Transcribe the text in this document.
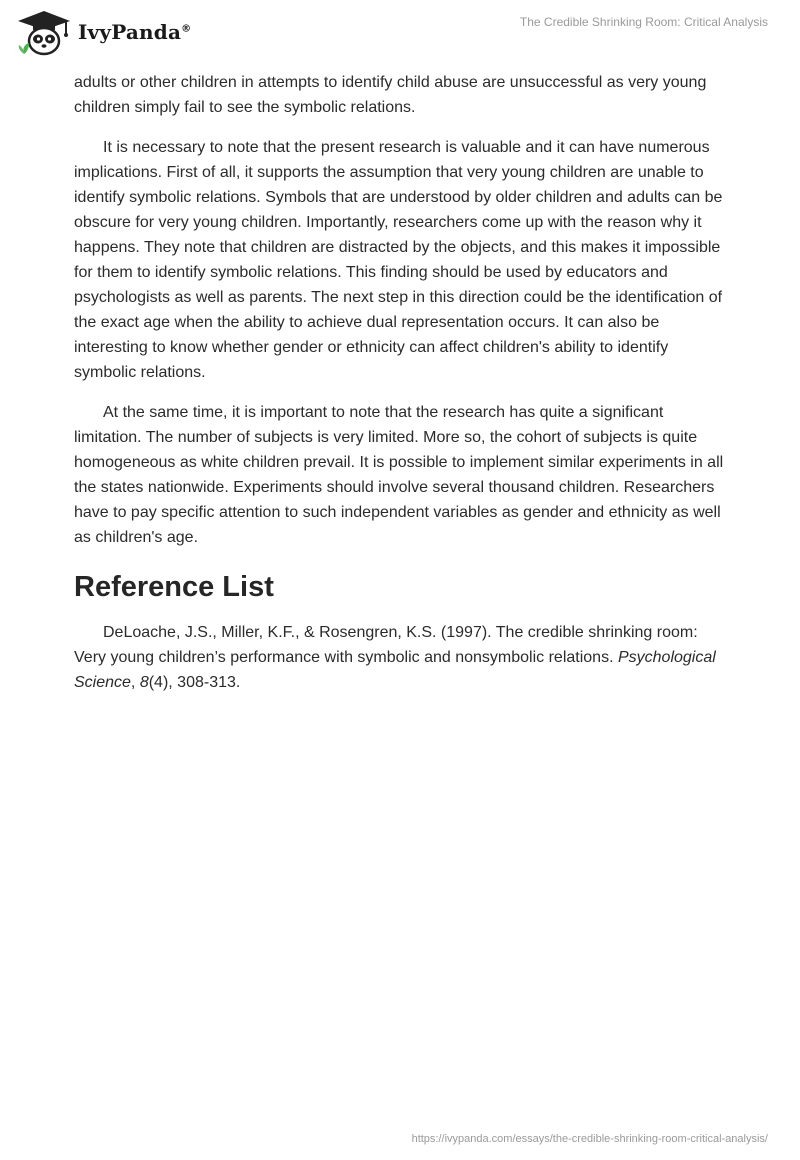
IvyPanda®	The Credible Shrinking Room: Critical Analysis

adults or other children in attempts to identify child abuse are unsuccessful as very young children simply fail to see the symbolic relations.

It is necessary to note that the present research is valuable and it can have numerous implications. First of all, it supports the assumption that very young children are unable to identify symbolic relations. Symbols that are understood by older children and adults can be obscure for very young children. Importantly, researchers come up with the reason why it happens. They note that children are distracted by the objects, and this makes it impossible for them to identify symbolic relations. This finding should be used by educators and psychologists as well as parents. The next step in this direction could be the identification of the exact age when the ability to achieve dual representation occurs. It can also be interesting to know whether gender or ethnicity can affect children's ability to identify symbolic relations.

At the same time, it is important to note that the research has quite a significant limitation. The number of subjects is very limited. More so, the cohort of subjects is quite homogeneous as white children prevail. It is possible to implement similar experiments in all the states nationwide. Experiments should involve several thousand children. Researchers have to pay specific attention to such independent variables as gender and ethnicity as well as children's age.

Reference List

DeLoache, J.S., Miller, K.F., & Rosengren, K.S. (1997). The credible shrinking room: Very young children’s performance with symbolic and nonsymbolic relations. Psychological Science, 8(4), 308-313.

https://ivypanda.com/essays/the-credible-shrinking-room-critical-analysis/
